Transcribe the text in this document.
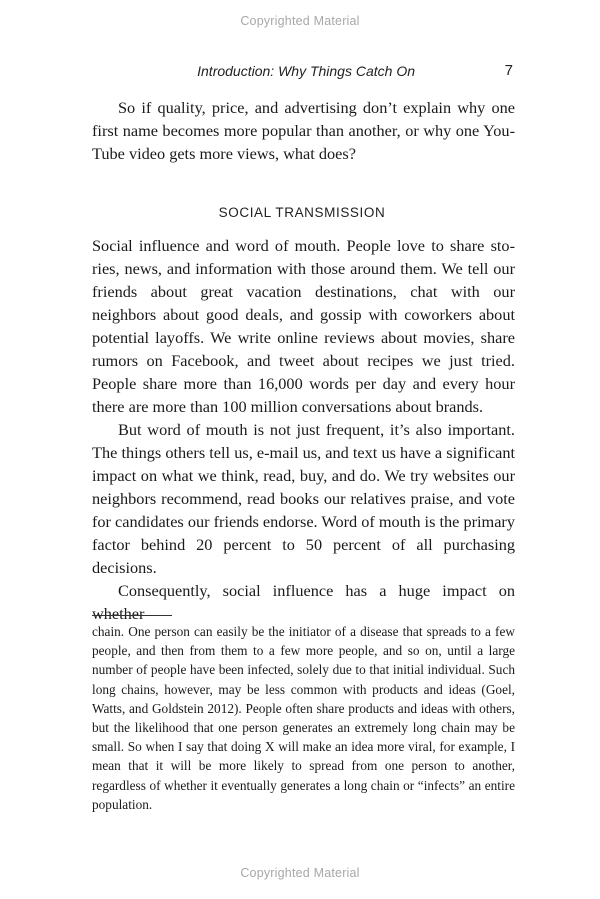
Copyrighted Material
Introduction: Why Things Catch On	7

So if quality, price, and advertising don’t explain why one first name becomes more popular than another, or why one YouTube video gets more views, what does?

SOCIAL TRANSMISSION

Social influence and word of mouth. People love to share stories, news, and information with those around them. We tell our friends about great vacation destinations, chat with our neighbors about good deals, and gossip with coworkers about potential layoffs. We write online reviews about movies, share rumors on Facebook, and tweet about recipes we just tried. People share more than 16,000 words per day and every hour there are more than 100 million conversations about brands.

But word of mouth is not just frequent, it’s also important. The things others tell us, e-mail us, and text us have a significant impact on what we think, read, buy, and do. We try websites our neighbors recommend, read books our relatives praise, and vote for candidates our friends endorse. Word of mouth is the primary factor behind 20 percent to 50 percent of all purchasing decisions.

Consequently, social influence has a huge impact on whether

chain. One person can easily be the initiator of a disease that spreads to a few people, and then from them to a few more people, and so on, until a large number of people have been infected, solely due to that initial individual. Such long chains, however, may be less common with products and ideas (Goel, Watts, and Goldstein 2012). People often share products and ideas with others, but the likelihood that one person generates an extremely long chain may be small. So when I say that doing X will make an idea more viral, for example, I mean that it will be more likely to spread from one person to another, regardless of whether it eventually generates a long chain or “infects” an entire population.

Copyrighted Material
